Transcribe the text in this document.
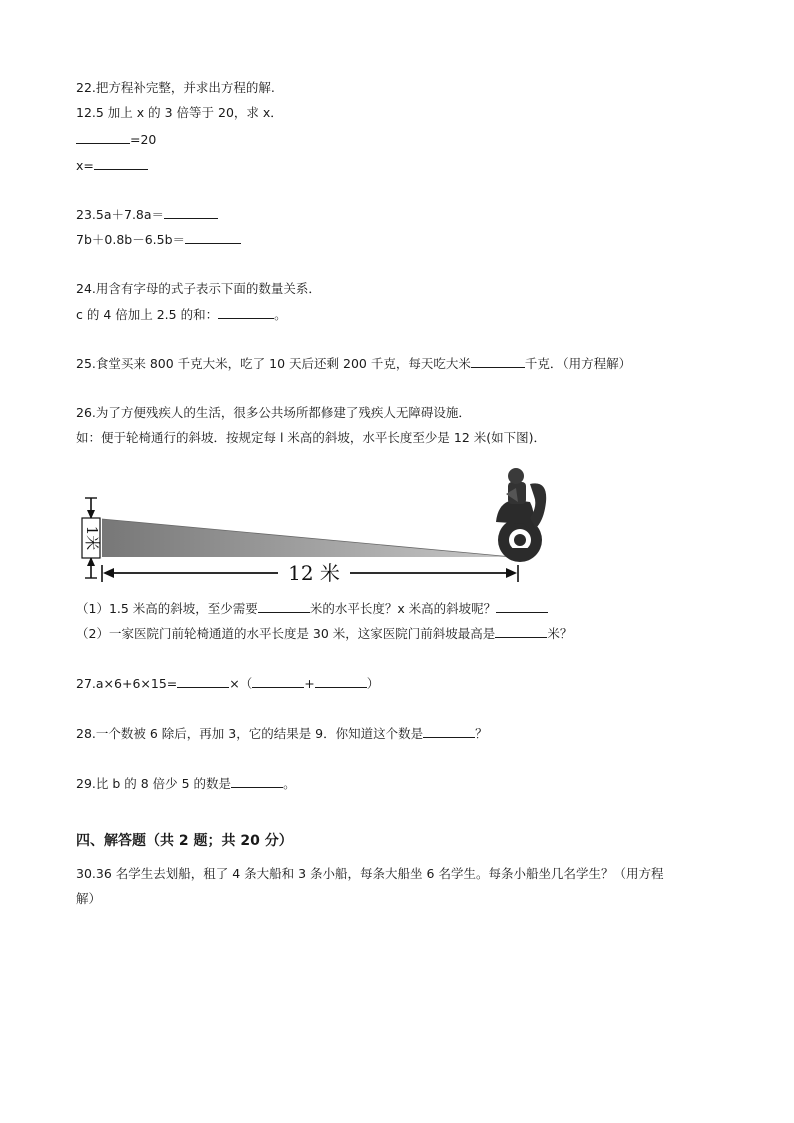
22.把方程补完整，并求出方程的解.
12.5 加上 x 的 3 倍等于 20，求 x．
=20
x=
23.5a＋7.8a＝
7b＋0.8b－6.5b＝
24.用含有字母的式子表示下面的数量关系．
c 的 4 倍加上 2.5 的和：	。
25.食堂买来 800 千克大米，吃了 10 天后还剩 200 千克，每天吃大米	千克．（用方程解）
26.为了方便残疾人的生活，很多公共场所都修建了残疾人无障碍设施．
如：便于轮椅通行的斜坡．按规定每 l 米高的斜坡，水平长度至少是 12 米(如下图)．
1米
12 米
（1）1.5 米高的斜坡，至少需要	米的水平长度？x 米高的斜坡呢？
（2）一家医院门前轮椅通道的水平长度是 30 米，这家医院门前斜坡最高是	米？
27.a×6+6×15=	×（	+	）
28.一个数被 6 除后，再加 3，它的结果是 9．你知道这个数是	？
29.比 b 的 8 倍少 5 的数是	。
四、解答题（共 2 题；共 20 分）
30.36 名学生去划船，租了 4 条大船和 3 条小船，每条大船坐 6 名学生。每条小船坐几名学生？（用方程
解）
